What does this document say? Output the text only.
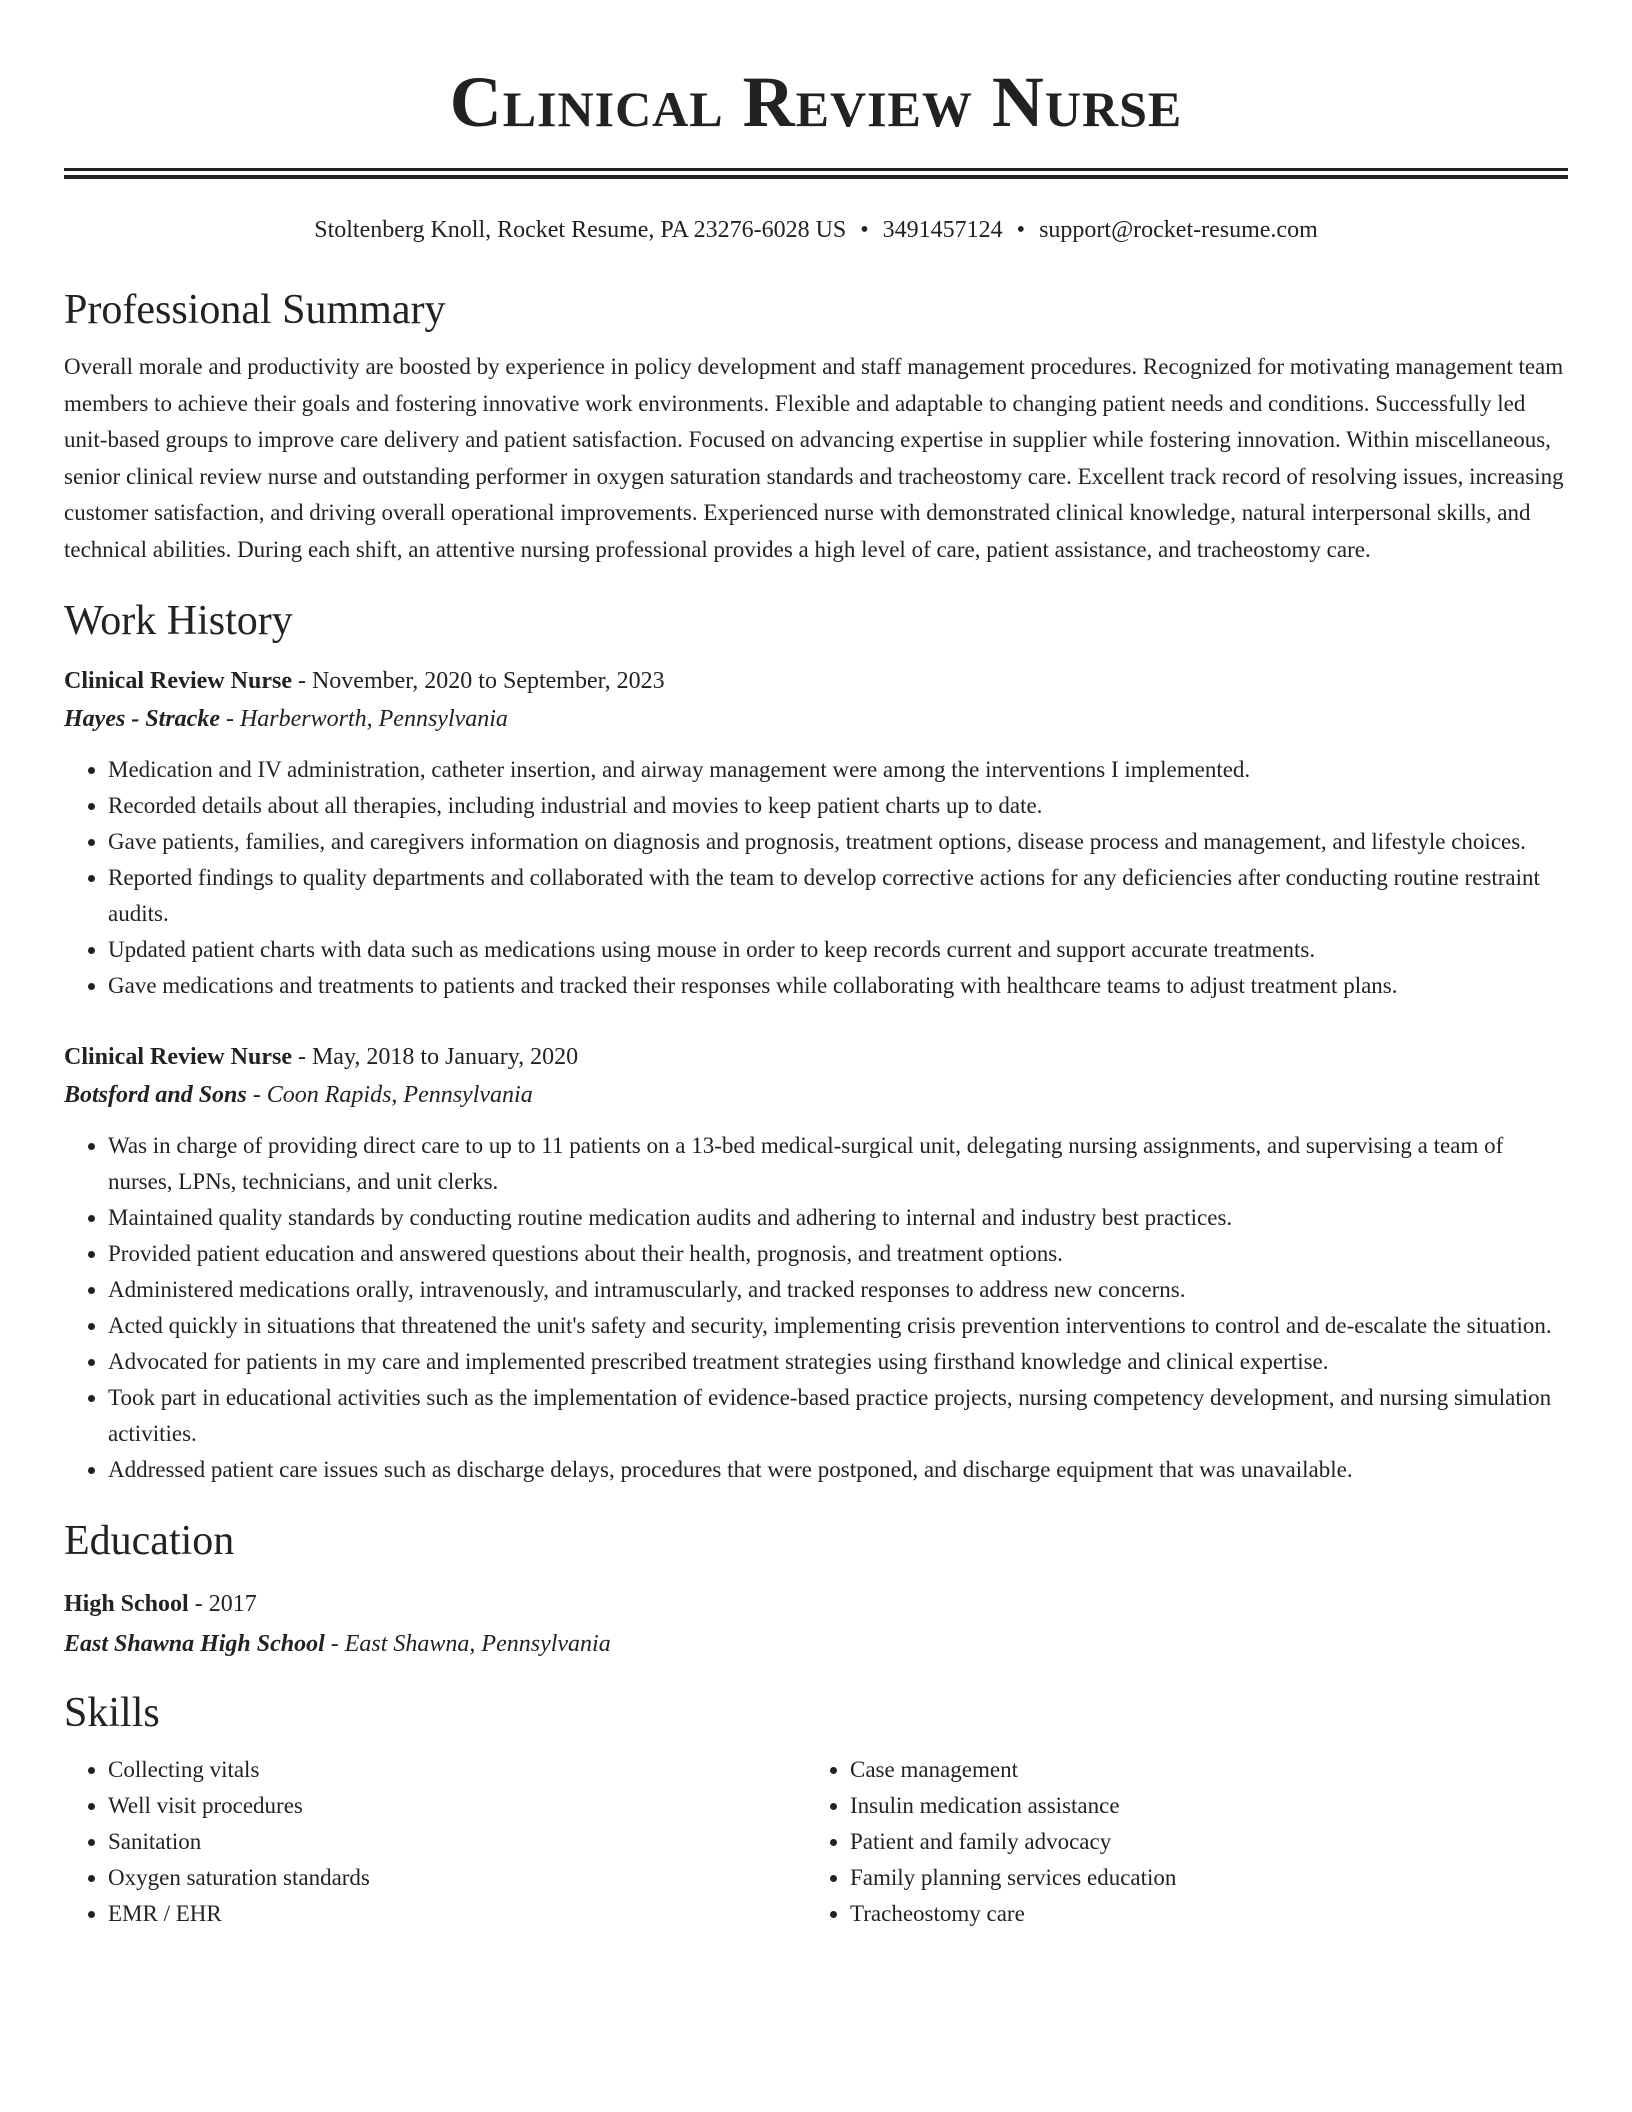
Clinical Review Nurse
Stoltenberg Knoll, Rocket Resume, PA 23276-6028 US • 3491457124 • support@rocket-resume.com
Professional Summary

Overall morale and productivity are boosted by experience in policy development and staff management procedures. Recognized for motivating management team members to achieve their goals and fostering innovative work environments. Flexible and adaptable to changing patient needs and conditions. Successfully led unit-based groups to improve care delivery and patient satisfaction. Focused on advancing expertise in supplier while fostering innovation. Within miscellaneous, senior clinical review nurse and outstanding performer in oxygen saturation standards and tracheostomy care. Excellent track record of resolving issues, increasing customer satisfaction, and driving overall operational improvements. Experienced nurse with demonstrated clinical knowledge, natural interpersonal skills, and technical abilities. During each shift, an attentive nursing professional provides a high level of care, patient assistance, and tracheostomy care.

Work History
Clinical Review Nurse - November, 2020 to September, 2023
Hayes - Stracke - Harberworth, Pennsylvania
• Medication and IV administration, catheter insertion, and airway management were among the interventions I implemented.
• Recorded details about all therapies, including industrial and movies to keep patient charts up to date.
• Gave patients, families, and caregivers information on diagnosis and prognosis, treatment options, disease process and management, and lifestyle choices.
• Reported findings to quality departments and collaborated with the team to develop corrective actions for any deficiencies after conducting routine restraint audits.
• Updated patient charts with data such as medications using mouse in order to keep records current and support accurate treatments.
• Gave medications and treatments to patients and tracked their responses while collaborating with healthcare teams to adjust treatment plans.
Clinical Review Nurse - May, 2018 to January, 2020
Botsford and Sons - Coon Rapids, Pennsylvania
• Was in charge of providing direct care to up to 11 patients on a 13-bed medical-surgical unit, delegating nursing assignments, and supervising a team of nurses, LPNs, technicians, and unit clerks.
• Maintained quality standards by conducting routine medication audits and adhering to internal and industry best practices.
• Provided patient education and answered questions about their health, prognosis, and treatment options.
• Administered medications orally, intravenously, and intramuscularly, and tracked responses to address new concerns.
• Acted quickly in situations that threatened the unit's safety and security, implementing crisis prevention interventions to control and de-escalate the situation.
• Advocated for patients in my care and implemented prescribed treatment strategies using firsthand knowledge and clinical expertise.
• Took part in educational activities such as the implementation of evidence-based practice projects, nursing competency development, and nursing simulation activities.
• Addressed patient care issues such as discharge delays, procedures that were postponed, and discharge equipment that was unavailable.
Education
High School - 2017
East Shawna High School - East Shawna, Pennsylvania
Skills
• Collecting vitals
• Well visit procedures
• Sanitation
• Oxygen saturation standards
• EMR / EHR
• Case management
• Insulin medication assistance
• Patient and family advocacy
• Family planning services education
• Tracheostomy care
